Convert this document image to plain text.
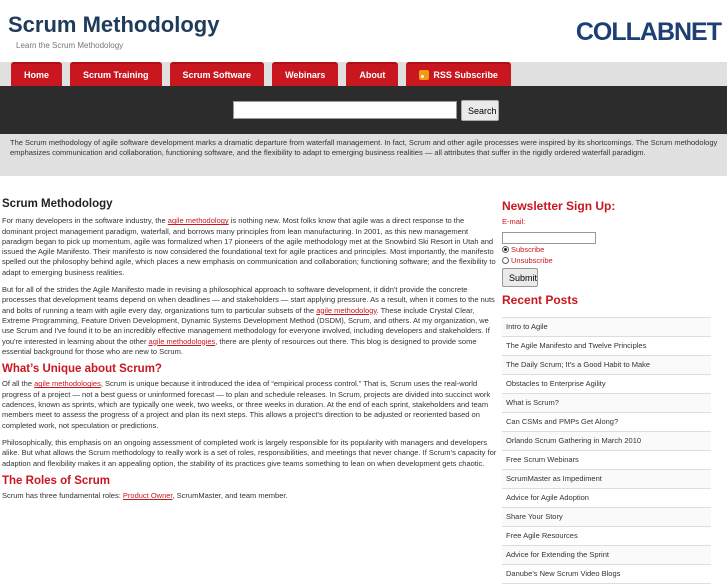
Scrum Methodology
Learn the Scrum Methodology	COLLABNET
Home	Scrum Training	Scrum Software	Webinars	About	RSS Subscribe
Search
The Scrum methodology of agile software development marks a dramatic departure from waterfall management. In fact, Scrum and other agile processes were inspired by its shortcomings. The Scrum methodology emphasizes communication and collaboration, functioning software, and the flexibility to adapt to emerging business realities — all attributes that suffer in the rigidly ordered waterfall paradigm.
Scrum Methodology

For many developers in the software industry, the agile methodology is nothing new. Most folks know that agile was a direct response to the dominant project management paradigm, waterfall, and borrows many principles from lean manufacturing. In 2001, as this new management paradigm began to pick up momentum, agile was formalized when 17 pioneers of the agile methodology met at the Snowbird Ski Resort in Utah and issued the Agile Manifesto. Their manifesto is now considered the foundational text for agile practices and principles. Most importantly, the manifesto spelled out the philosophy behind agile, which places a new emphasis on communication and collaboration; functioning software; and the flexibility to adapt to emerging business realities.

But for all of the strides the Agile Manifesto made in revising a philosophical approach to software development, it didn't provide the concrete processes that development teams depend on when deadlines — and stakeholders — start applying pressure. As a result, when it comes to the nuts and bolts of running a team with agile every day, organizations turn to particular subsets of the agile methodology. These include Crystal Clear, Extreme Programming, Feature Driven Development, Dynamic Systems Development Method (DSDM), Scrum, and others. At my organization, we use Scrum and I've found it to be an incredibly effective management methodology for everyone involved, including developers and stakeholders. If you're interested in learning about the other agile methodologies, there are plenty of resources out there. This blog is designed to provide some essential background for those who are new to Scrum.

What’s Unique about Scrum?

Of all the agile methodologies, Scrum is unique because it introduced the idea of “empirical process control.” That is, Scrum uses the real-world progress of a project — not a best guess or uninformed forecast — to plan and schedule releases. In Scrum, projects are divided into succinct work cadences, known as sprints, which are typically one week, two weeks, or three weeks in duration. At the end of each sprint, stakeholders and team members meet to assess the progress of a project and plan its next steps. This allows a project’s direction to be adjusted or reoriented based on completed work, not speculation or predictions.

Philosophically, this emphasis on an ongoing assessment of completed work is largely responsible for its popularity with managers and developers alike. But what allows the Scrum methodology to really work is a set of roles, responsibilities, and meetings that never change. If Scrum’s capacity for adaption and flexibility makes it an appealing option, the stability of its practices give teams something to lean on when development gets chaotic.

The Roles of Scrum

Scrum has three fundamental roles: Product Owner, ScrumMaster, and team member.

Newsletter Sign Up:
E-mail:
Subscribe
Unsubscribe
Submit
Recent Posts
Intro to Agile
The Agile Manifesto and Twelve Principles
The Daily Scrum; It’s a Good Habit to Make
Obstacles to Enterprise Agility
What is Scrum?
Can CSMs and PMPs Get Along?
Orlando Scrum Gathering in March 2010
Free Scrum Webinars
ScrumMaster as Impediment
Advice for Agile Adoption
Share Your Story
Free Agile Resources
Advice for Extending the Sprint
Danube’s New Scrum Video Blogs
